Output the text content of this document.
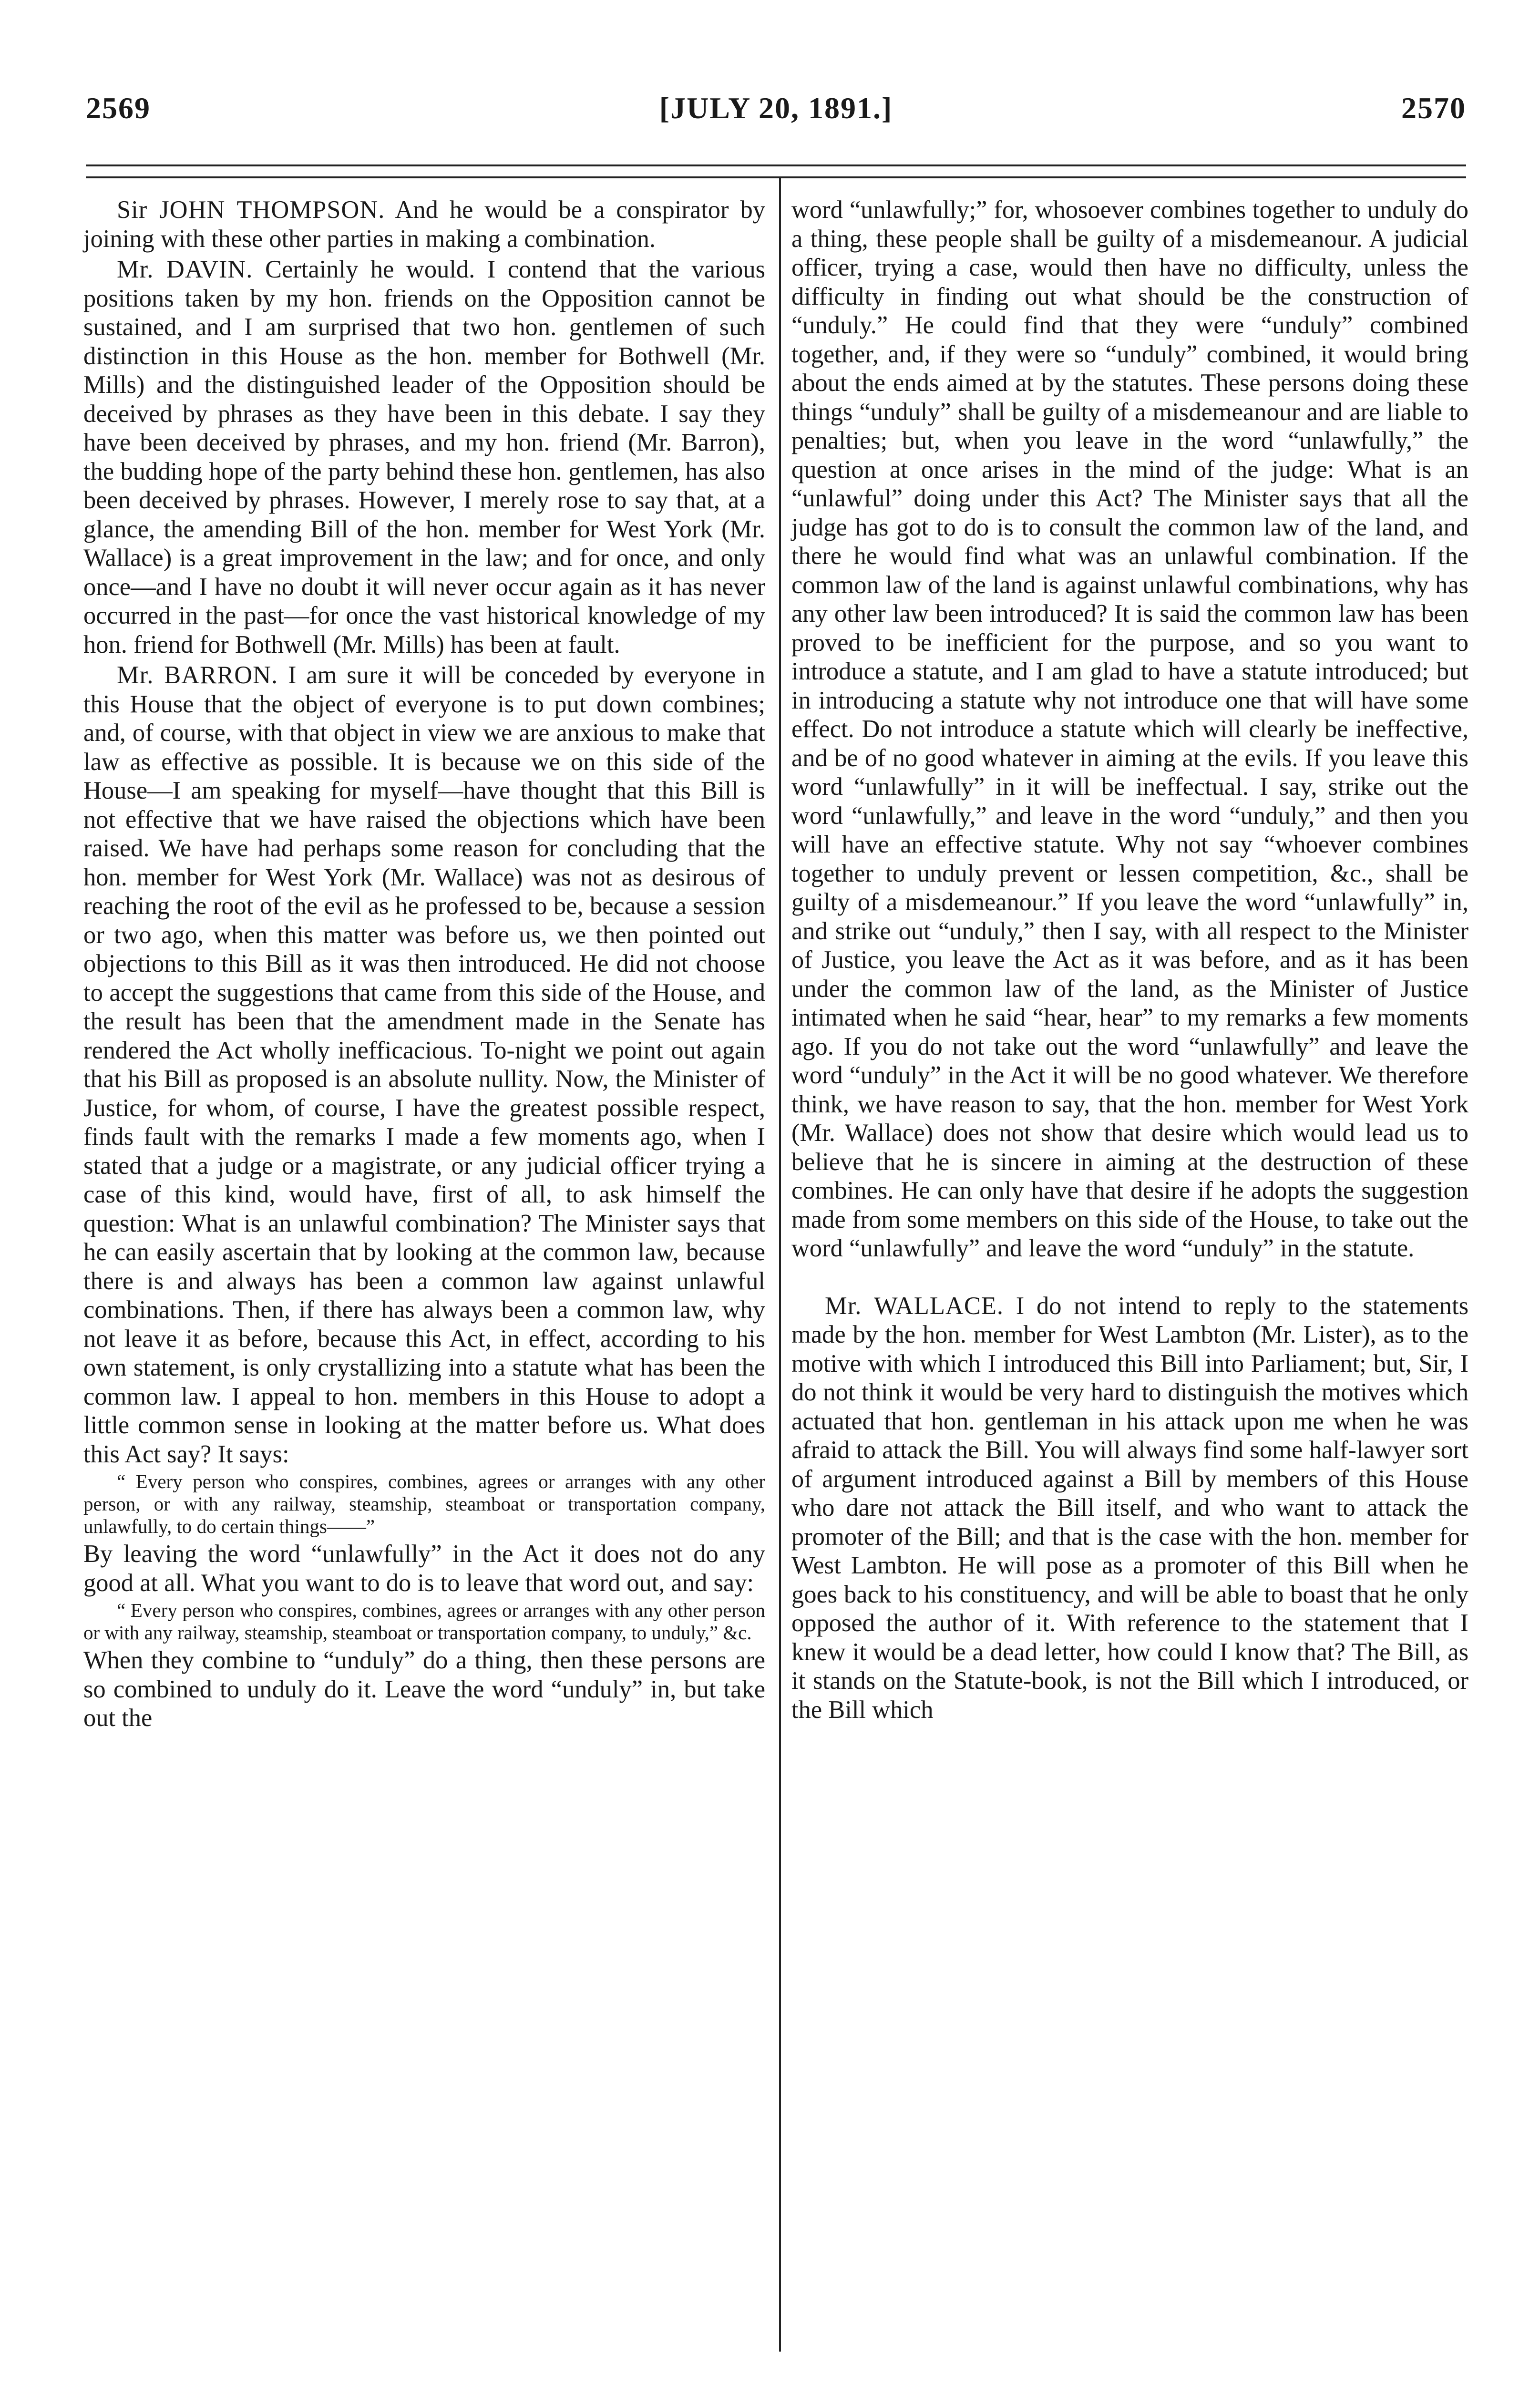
2569	[JULY 20, 1891.]	2570

Sir JOHN THOMPSON. And he would be a conspirator by joining with these other parties in making a combination.

Mr. DAVIN. Certainly he would. I contend that the various positions taken by my hon. friends on the Opposition cannot be sustained, and I am surprised that two hon. gentlemen of such distinction in this House as the hon. member for Bothwell (Mr. Mills) and the distinguished leader of the Opposition should be deceived by phrases as they have been in this debate. I say they have been deceived by phrases, and my hon. friend (Mr. Barron), the budding hope of the party behind these hon. gentlemen, has also been deceived by phrases. However, I merely rose to say that, at a glance, the amending Bill of the hon. member for West York (Mr. Wallace) is a great improvement in the law; and for once, and only once—and I have no doubt it will never occur again as it has never occurred in the past—for once the vast historical knowledge of my hon. friend for Bothwell (Mr. Mills) has been at fault.

Mr. BARRON. I am sure it will be conceded by everyone in this House that the object of everyone is to put down combines; and, of course, with that object in view we are anxious to make that law as effective as possible. It is because we on this side of the House—I am speaking for myself—have thought that this Bill is not effective that we have raised the objections which have been raised. We have had perhaps some reason for concluding that the hon. member for West York (Mr. Wallace) was not as desirous of reaching the root of the evil as he professed to be, because a session or two ago, when this matter was before us, we then pointed out objections to this Bill as it was then introduced. He did not choose to accept the suggestions that came from this side of the House, and the result has been that the amendment made in the Senate has rendered the Act wholly inefficacious. To-night we point out again that his Bill as proposed is an absolute nullity. Now, the Minister of Justice, for whom, of course, I have the greatest possible respect, finds fault with the remarks I made a few moments ago, when I stated that a judge or a magistrate, or any judicial officer trying a case of this kind, would have, first of all, to ask himself the question: What is an unlawful combination? The Minister says that he can easily ascertain that by looking at the common law, because there is and always has been a common law against unlawful combinations. Then, if there has always been a common law, why not leave it as before, because this Act, in effect, according to his own statement, is only crystallizing into a statute what has been the common law. I appeal to hon. members in this House to adopt a little common sense in looking at the matter before us. What does this Act say? It says:

“ Every person who conspires, combines, agrees or arranges with any other person, or with any railway, steamship, steamboat or transportation company, unlawfully, to do certain things——”

By leaving the word “unlawfully” in the Act it does not do any good at all. What you want to do is to leave that word out, and say:

“ Every person who conspires, combines, agrees or arranges with any other person or with any railway, steamship, steamboat or transportation company, to unduly,” &c.

When they combine to “unduly” do a thing, then these persons are so combined to unduly do it. Leave the word “unduly” in, but take out the

word “unlawfully;” for, whosoever combines together to unduly do a thing, these people shall be guilty of a misdemeanour. A judicial officer, trying a case, would then have no difficulty, unless the difficulty in finding out what should be the construction of “unduly.” He could find that they were “unduly” combined together, and, if they were so “unduly” combined, it would bring about the ends aimed at by the statutes. These persons doing these things “unduly” shall be guilty of a misdemeanour and are liable to penalties; but, when you leave in the word “unlawfully,” the question at once arises in the mind of the judge: What is an “unlawful” doing under this Act? The Minister says that all the judge has got to do is to consult the common law of the land, and there he would find what was an unlawful combination. If the common law of the land is against unlawful combinations, why has any other law been introduced? It is said the common law has been proved to be inefficient for the purpose, and so you want to introduce a statute, and I am glad to have a statute introduced; but in introducing a statute why not introduce one that will have some effect. Do not introduce a statute which will clearly be ineffective, and be of no good whatever in aiming at the evils. If you leave this word “unlawfully” in it will be ineffectual. I say, strike out the word “unlawfully,” and leave in the word “unduly,” and then you will have an effective statute. Why not say “whoever combines together to unduly prevent or lessen competition, &c., shall be guilty of a misdemeanour.” If you leave the word “unlawfully” in, and strike out “unduly,” then I say, with all respect to the Minister of Justice, you leave the Act as it was before, and as it has been under the common law of the land, as the Minister of Justice intimated when he said “hear, hear” to my remarks a few moments ago. If you do not take out the word “unlawfully” and leave the word “unduly” in the Act it will be no good whatever. We therefore think, we have reason to say, that the hon. member for West York (Mr. Wallace) does not show that desire which would lead us to believe that he is sincere in aiming at the destruction of these combines. He can only have that desire if he adopts the suggestion made from some members on this side of the House, to take out the word “unlawfully” and leave the word “unduly” in the statute.

Mr. WALLACE. I do not intend to reply to the statements made by the hon. member for West Lambton (Mr. Lister), as to the motive with which I introduced this Bill into Parliament; but, Sir, I do not think it would be very hard to distinguish the motives which actuated that hon. gentleman in his attack upon me when he was afraid to attack the Bill. You will always find some half-lawyer sort of argument introduced against a Bill by members of this House who dare not attack the Bill itself, and who want to attack the promoter of the Bill; and that is the case with the hon. member for West Lambton. He will pose as a promoter of this Bill when he goes back to his constituency, and will be able to boast that he only opposed the author of it. With reference to the statement that I knew it would be a dead letter, how could I know that? The Bill, as it stands on the Statute-book, is not the Bill which I introduced, or the Bill which
